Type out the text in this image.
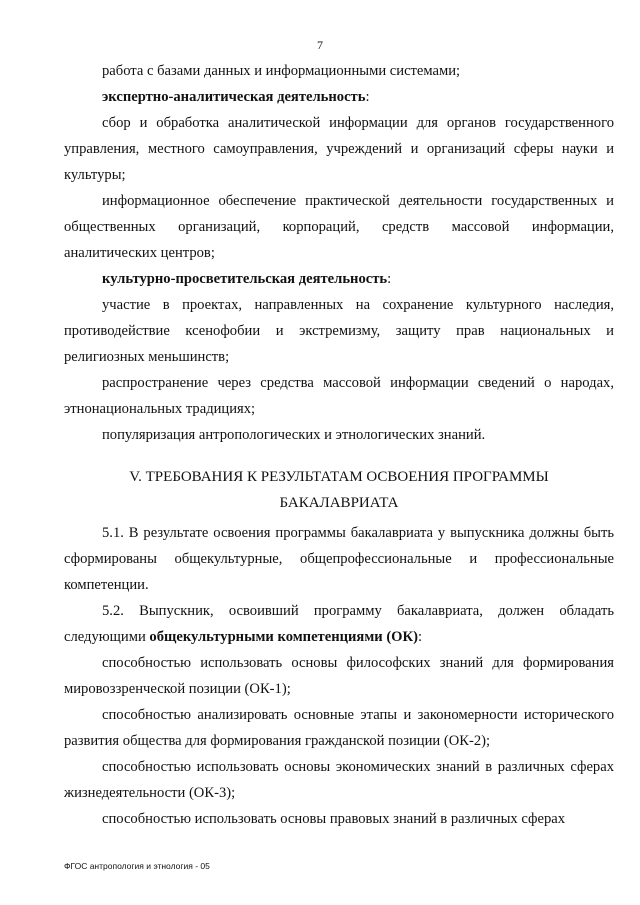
7

работа с базами данных и информационными системами;

экспертно-аналитическая деятельность:

сбор и обработка аналитической информации для органов государственного управления, местного самоуправления, учреждений и организаций сферы науки и культуры;

информационное обеспечение практической деятельности государственных и общественных организаций, корпораций, средств массовой информации, аналитических центров;

культурно-просветительская деятельность:

участие в проектах, направленных на сохранение культурного наследия, противодействие ксенофобии и экстремизму, защиту прав национальных и религиозных меньшинств;

распространение через средства массовой информации сведений о народах, этнонациональных традициях;

популяризация антропологических и этнологических знаний.

V. ТРЕБОВАНИЯ К РЕЗУЛЬТАТАМ ОСВОЕНИЯ ПРОГРАММЫ
БАКАЛАВРИАТА

5.1. В результате освоения программы бакалавриата у выпускника должны быть сформированы общекультурные, общепрофессиональные и профессиональные компетенции.

5.2. Выпускник, освоивший программу бакалавриата, должен обладать следующими общекультурными компетенциями (ОК):

способностью использовать основы философских знаний для формирования мировоззренческой позиции (ОК-1);

способностью анализировать основные этапы и закономерности исторического развития общества для формирования гражданской позиции (ОК-2);

способностью использовать основы экономических знаний в различных сферах жизнедеятельности (ОК-3);

способностью использовать основы правовых знаний в различных сферах

ФГОС антропология и этнология - 05
